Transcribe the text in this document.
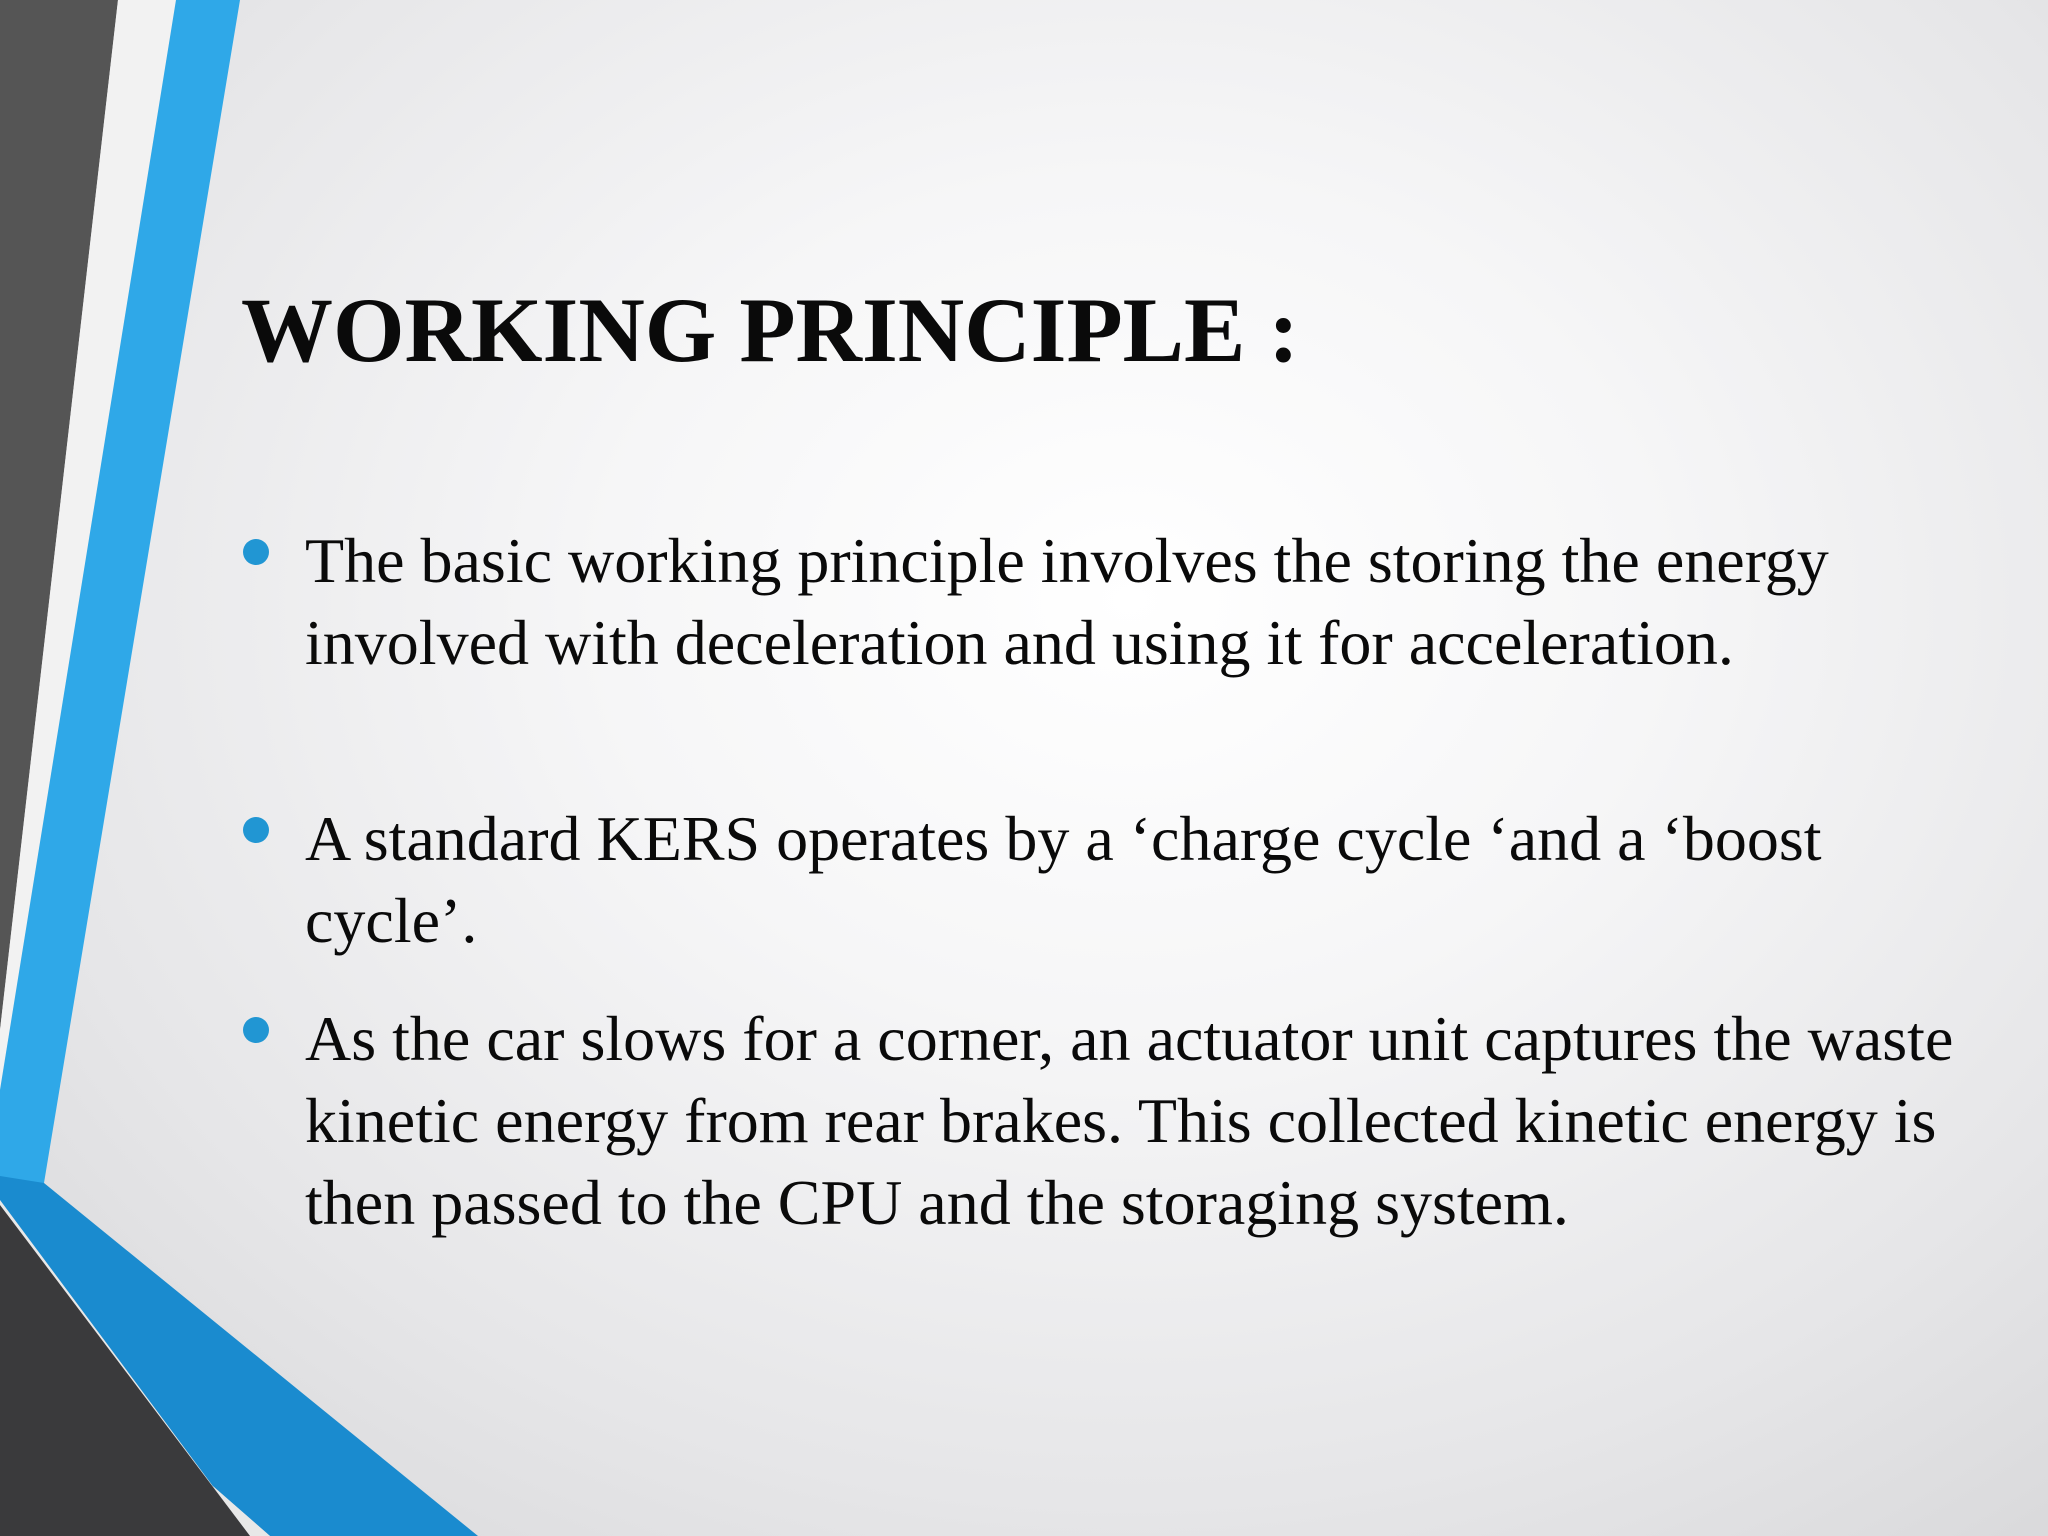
WORKING PRINCIPLE :
The basic working principle involves the storing the energy involved with deceleration and using it for acceleration.
A standard KERS operates by a ‘charge cycle ‘and a ‘boost cycle’.
As the car slows for a corner, an actuator unit captures the waste kinetic energy from rear brakes. This collected kinetic energy is then passed to the CPU and the storaging system.
